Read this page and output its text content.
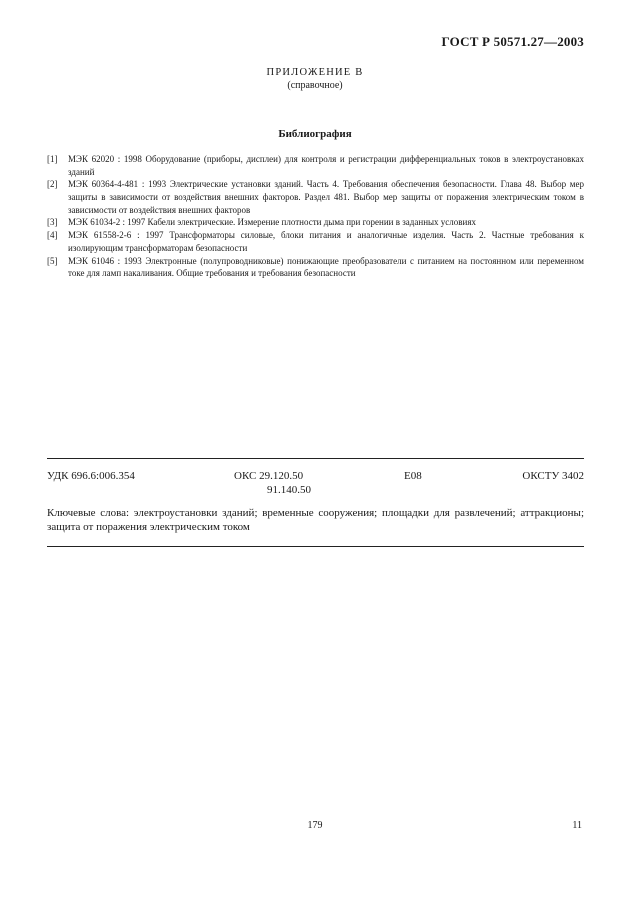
ГОСТ Р 50571.27—2003
ПРИЛОЖЕНИЕ В
(справочное)
Библиография
[1]	МЭК 62020 : 1998 Оборудование (приборы, дисплеи) для контроля и регистрации дифференциальных токов в электроустановках зданий
[2]	МЭК 60364-4-481 : 1993 Электрические установки зданий. Часть 4. Требования обеспечения безопасности. Глава 48. Выбор мер защиты в зависимости от воздействия внешних факторов. Раздел 481. Выбор мер защиты от поражения электрическим током в зависимости от воздействия внешних факторов
[3]	МЭК 61034-2 : 1997 Кабели электрические. Измерение плотности дыма при горении в заданных условиях
[4]	МЭК 61558-2-6 : 1997 Трансформаторы силовые, блоки питания и аналогичные изделия. Часть 2. Частные требования к изолирующим трансформаторам безопасности
[5]	МЭК 61046 : 1993 Электронные (полупроводниковые) понижающие преобразователи с питанием на постоянном или переменном токе для ламп накаливания. Общие требования и требования безопасности
УДК 696.6:006.354	ОКС 29.120.50
91.140.50
Е08	ОКСТУ 3402
Ключевые слова: электроустановки зданий; временные сооружения; площадки для развлечений; аттракционы; защита от поражения электрическим током
179	11
